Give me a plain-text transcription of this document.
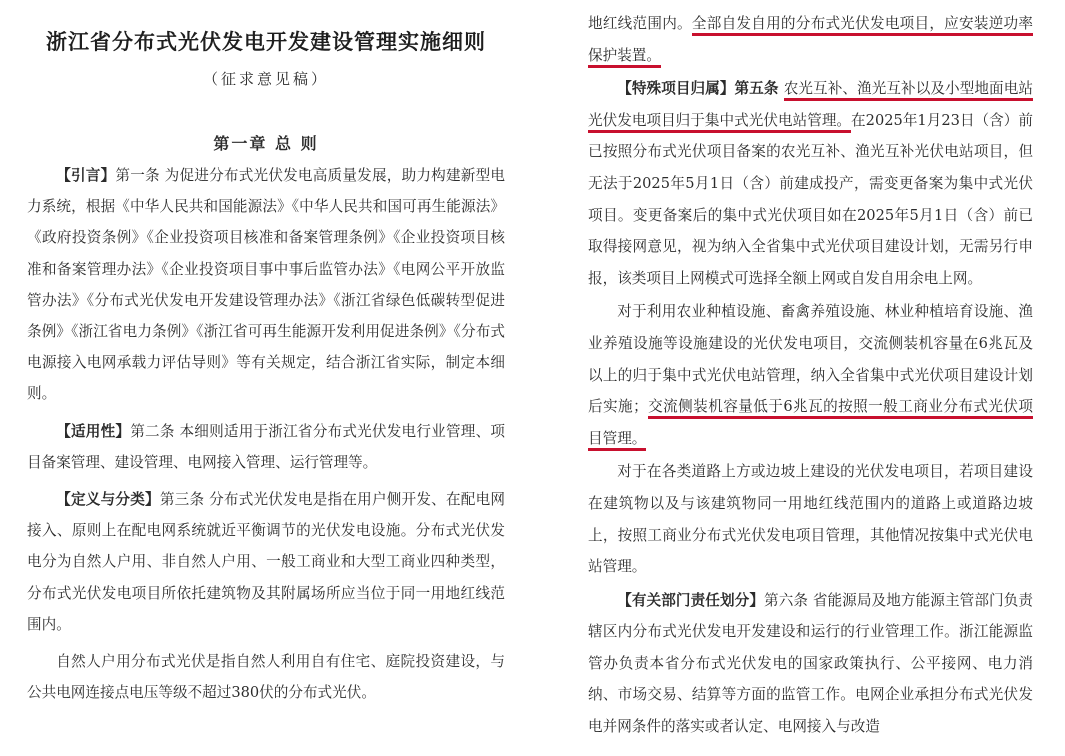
浙江省分布式光伏发电开发建设管理实施细则
（征求意见稿）
第一章 总 则

【引言】第一条 为促进分布式光伏发电高质量发展，助力构建新型电力系统，根据《中华人民共和国能源法》《中华人民共和国可再生能源法》《政府投资条例》《企业投资项目核准和备案管理条例》《企业投资项目核准和备案管理办法》《企业投资项目事中事后监管办法》《电网公平开放监管办法》《分布式光伏发电开发建设管理办法》《浙江省绿色低碳转型促进条例》《浙江省电力条例》《浙江省可再生能源开发利用促进条例》《分布式电源接入电网承载力评估导则》等有关规定，结合浙江省实际，制定本细则。

【适用性】第二条 本细则适用于浙江省分布式光伏发电行业管理、项目备案管理、建设管理、电网接入管理、运行管理等。

【定义与分类】第三条 分布式光伏发电是指在用户侧开发、在配电网接入、原则上在配电网系统就近平衡调节的光伏发电设施。分布式光伏发电分为自然人户用、非自然人户用、一般工商业和大型工商业四种类型，分布式光伏发电项目所依托建筑物及其附属场所应当位于同一用地红线范围内。

自然人户用分布式光伏是指自然人利用自有住宅、庭院投资建设，与公共电网连接点电压等级不超过380伏的分布式光伏。

地红线范围内。全部自发自用的分布式光伏发电项目，应安装逆功率保护装置。

【特殊项目归属】第五条 农光互补、渔光互补以及小型地面电站光伏发电项目归于集中式光伏电站管理。在2025年1月23日（含）前已按照分布式光伏项目备案的农光互补、渔光互补光伏电站项目，但无法于2025年5月1日（含）前建成投产，需变更备案为集中式光伏项目。变更备案后的集中式光伏项目如在2025年5月1日（含）前已取得接网意见，视为纳入全省集中式光伏项目建设计划，无需另行申报，该类项目上网模式可选择全额上网或自发自用余电上网。

对于利用农业种植设施、畜禽养殖设施、林业种植培育设施、渔业养殖设施等设施建设的光伏发电项目，交流侧装机容量在6兆瓦及以上的归于集中式光伏电站管理，纳入全省集中式光伏项目建设计划后实施；交流侧装机容量低于6兆瓦的按照一般工商业分布式光伏项目管理。

对于在各类道路上方或边坡上建设的光伏发电项目，若项目建设在建筑物以及与该建筑物同一用地红线范围内的道路上或道路边坡上，按照工商业分布式光伏发电项目管理，其他情况按集中式光伏电站管理。

【有关部门责任划分】第六条 省能源局及地方能源主管部门负责辖区内分布式光伏发电开发建设和运行的行业管理工作。浙江能源监管办负责本省分布式光伏发电的国家政策执行、公平接网、电力消纳、市场交易、结算等方面的监管工作。电网企业承担分布式光伏发电并网条件的落实或者认定、电网接入与改造
